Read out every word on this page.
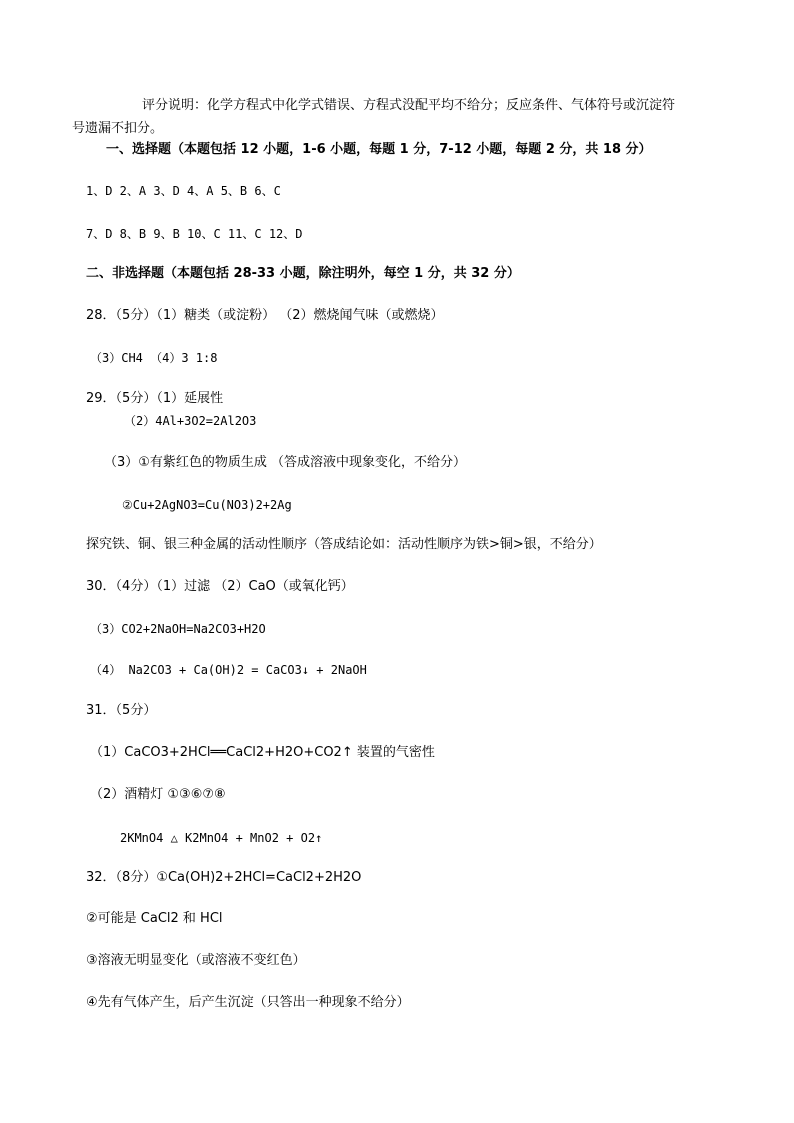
评分说明：化学方程式中化学式错误、方程式没配平均不给分；反应条件、气体符号或沉淀符
号遗漏不扣分。
一、选择题（本题包括 12 小题，1-6 小题，每题 1 分，7-12 小题，每题 2 分，共 18 分）
1、D 2、A 3、D 4、A 5、B 6、C
7、D 8、B 9、B 10、C 11、C 12、D
二、非选择题（本题包括 28-33 小题，除注明外，每空 1 分，共 32 分）
28．（5分）（1）糖类（或淀粉） （2）燃烧闻气味（或燃烧）
（3）CH4 （4）3 1:8
29．（5分）（1）延展性
（2）4Al+3O2=2Al2O3
（3）①有紫红色的物质生成 （答成溶液中现象变化，不给分）
②Cu+2AgNO3=Cu(NO3)2+2Ag
探究铁、铜、银三种金属的活动性顺序（答成结论如：活动性顺序为铁>铜>银，不给分）
30．（4分）（1）过滤 （2）CaO（或氧化钙）
（3）CO2+2NaOH=Na2CO3+H2O
（4） Na2CO3 + Ca(OH)2 = CaCO3↓ + 2NaOH
31．（5分）
（1）CaCO3+2HCl══CaCl2+H2O+CO2↑ 装置的气密性
（2）酒精灯 ①③⑥⑦⑧
2KMnO4 △ K2MnO4 + MnO2 + O2↑
32．（8分）①Ca(OH)2+2HCl=CaCl2+2H2O
②可能是 CaCl2 和 HCl
③溶液无明显变化（或溶液不变红色）
④先有气体产生，后产生沉淀（只答出一种现象不给分）
